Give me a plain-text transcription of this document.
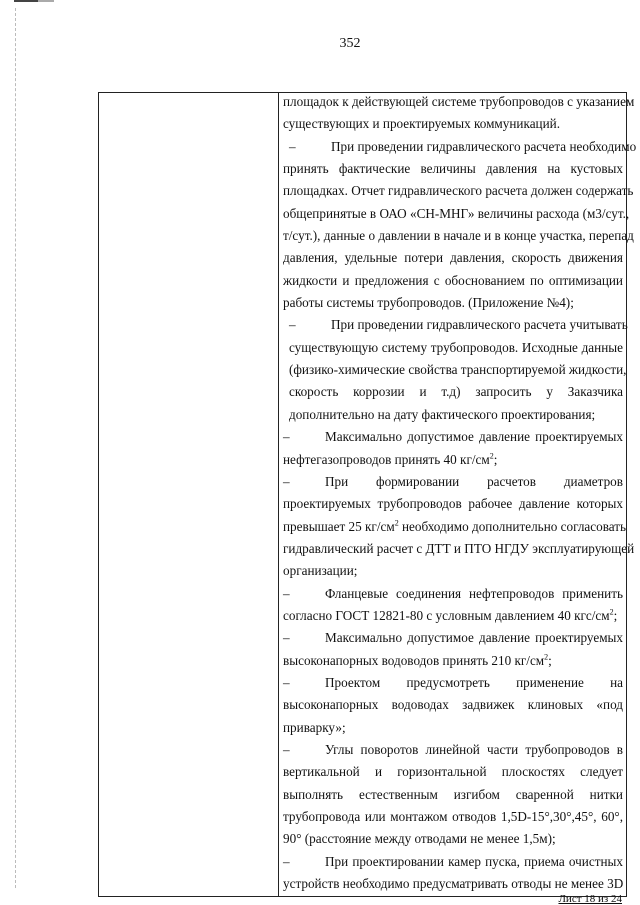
352
площадок к действующей системе трубопроводов с указанием
существующих и проектируемых коммуникаций.
–	При проведении гидравлического расчета необходимо
принять фактические величины давления на кустовых
площадках. Отчет гидравлического расчета должен содержать
общепринятые в ОАО «СН-МНГ» величины расхода (м3/сут.,
т/сут.), данные о давлении в начале и в конце участка, перепад
давления, удельные потери давления, скорость движения
жидкости и предложения с обоснованием по оптимизации
работы системы трубопроводов. (Приложение №4);
–	При проведении гидравлического расчета учитывать
существующую систему трубопроводов. Исходные данные
(физико-химические свойства транспортируемой жидкости,
скорость коррозии и т.д) запросить у Заказчика
дополнительно на дату фактического проектирования;
–	Максимально допустимое давление проектируемых
нефтегазопроводов принять 40 $кг/см^2$;
–	При формировании расчетов диаметров
проектируемых трубопроводов рабочее давление которых
превышает 25 $кг/см^2$ необходимо дополнительно согласовать
гидравлический расчет с ДТТ и ПТО НГДУ эксплуатирующей
организации;
–	Фланцевые соединения нефтепроводов применить
согласно ГОСТ 12821-80 с условным давлением 40 кгс/$см^2$;
–	Максимально допустимое давление проектируемых
высоконапорных водоводов принять 210 $кг/см^2$;
–	Проектом предусмотреть применение на
высоконапорных водоводах задвижек клиновых «под
приварку»;
–	Углы поворотов линейной части трубопроводов в
вертикальной и горизонтальной плоскостях следует
выполнять естественным изгибом сваренной нитки
трубопровода или монтажом отводов 1,5D-15°,30°,45°, 60°,
90° (расстояние между отводами не менее 1,5м);
–	При проектировании камер пуска, приема очистных
устройств необходимо предусматривать отводы не менее 3D
Лист 18 из 24
